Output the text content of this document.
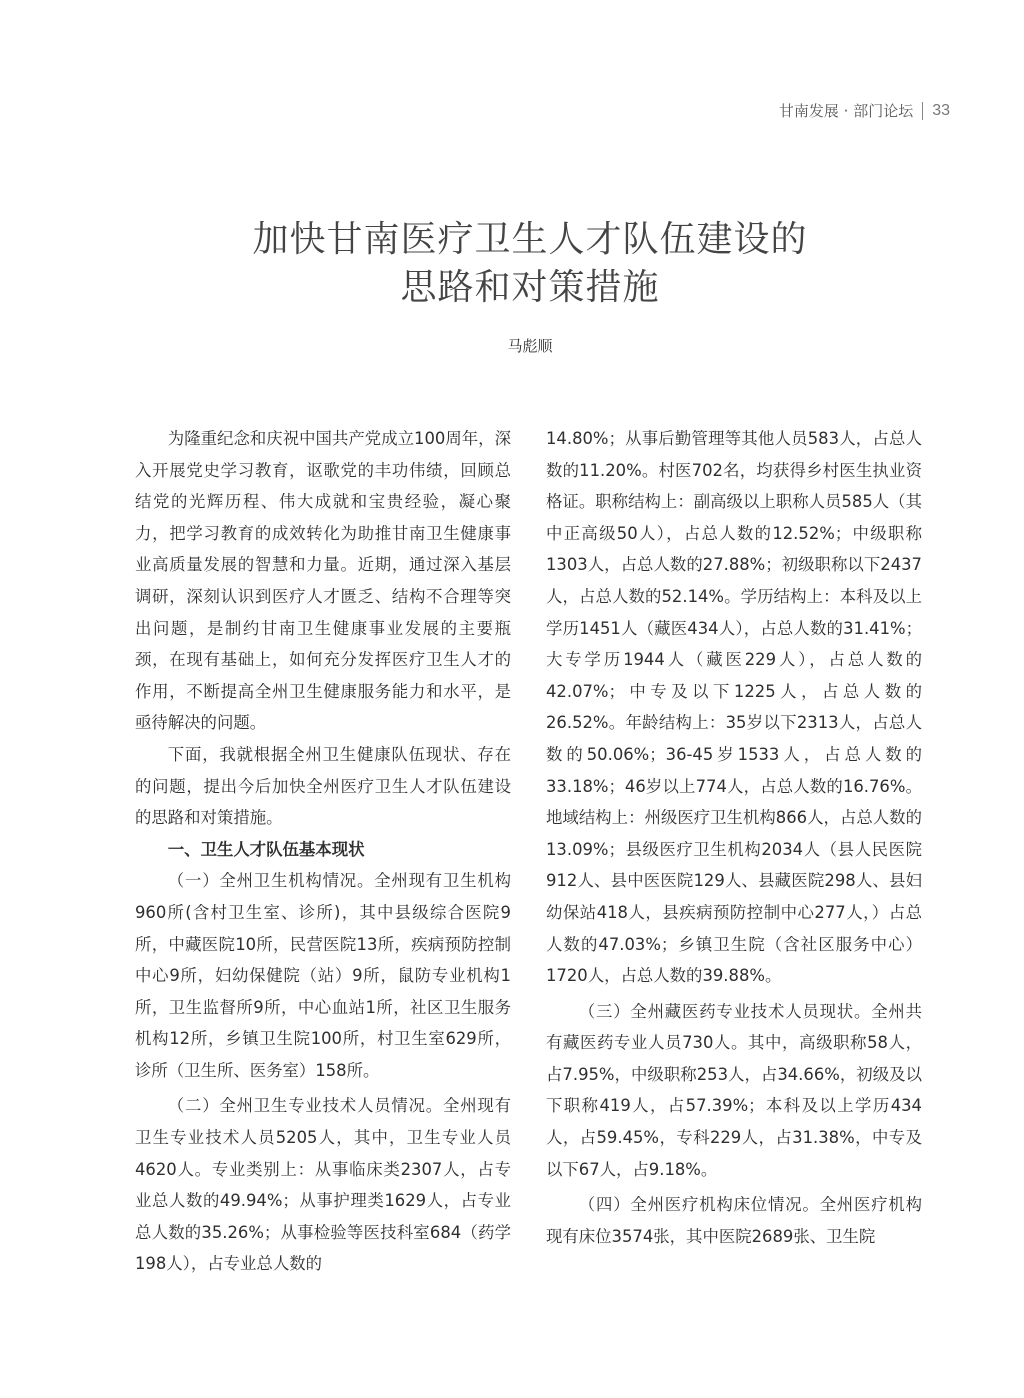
甘南发展 · 部门论坛 33
加快甘南医疗卫生人才队伍建设的
思路和对策措施
马彪顺

为隆重纪念和庆祝中国共产党成立100周年，深入开展党史学习教育，讴歌党的丰功伟绩，回顾总结党的光辉历程、伟大成就和宝贵经验，凝心聚力，把学习教育的成效转化为助推甘南卫生健康事业高质量发展的智慧和力量。近期，通过深入基层调研，深刻认识到医疗人才匮乏、结构不合理等突出问题，是制约甘南卫生健康事业发展的主要瓶颈，在现有基础上，如何充分发挥医疗卫生人才的作用，不断提高全州卫生健康服务能力和水平，是亟待解决的问题。

下面，我就根据全州卫生健康队伍现状、存在的问题，提出今后加快全州医疗卫生人才队伍建设的思路和对策措施。

一、卫生人才队伍基本现状

（一）全州卫生机构情况。全州现有卫生机构960所(含村卫生室、诊所)，其中县级综合医院9所，中藏医院10所，民营医院13所，疾病预防控制中心9所，妇幼保健院（站）9所，鼠防专业机构1所，卫生监督所9所，中心血站1所，社区卫生服务机构12所，乡镇卫生院100所，村卫生室629所，诊所（卫生所、医务室）158所。

（二）全州卫生专业技术人员情况。全州现有卫生专业技术人员5205人，其中，卫生专业人员4620人。专业类别上：从事临床类2307人，占专业总人数的49.94%；从事护理类1629人，占专业总人数的35.26%；从事检验等医技科室684（药学198人），占专业总人数的

14.80%；从事后勤管理等其他人员583人，占总人数的11.20%。村医702名，均获得乡村医生执业资格证。职称结构上：副高级以上职称人员585人（其中正高级50人），占总人数的12.52%；中级职称1303人，占总人数的27.88%；初级职称以下2437人，占总人数的52.14%。学历结构上：本科及以上学历1451人（藏医434人），占总人数的31.41%；大专学历1944人（藏医229人），占总人数的42.07%；中专及以下1225人，占总人数的26.52%。年龄结构上：35岁以下2313人，占总人数的50.06%；36-45岁1533人，占总人数的33.18%；46岁以上774人，占总人数的16.76%。地域结构上：州级医疗卫生机构866人，占总人数的13.09%；县级医疗卫生机构2034人（县人民医院912人、县中医医院129人、县藏医院298人、县妇幼保站418人，县疾病预防控制中心277人，）占总人数的47.03%；乡镇卫生院（含社区服务中心）1720人，占总人数的39.88%。

（三）全州藏医药专业技术人员现状。全州共有藏医药专业人员730人。其中，高级职称58人，占7.95%，中级职称253人，占34.66%，初级及以下职称419人，占57.39%；本科及以上学历434人，占59.45%，专科229人，占31.38%，中专及以下67人，占9.18%。

（四）全州医疗机构床位情况。全州医疗机构现有床位3574张，其中医院2689张、卫生院
